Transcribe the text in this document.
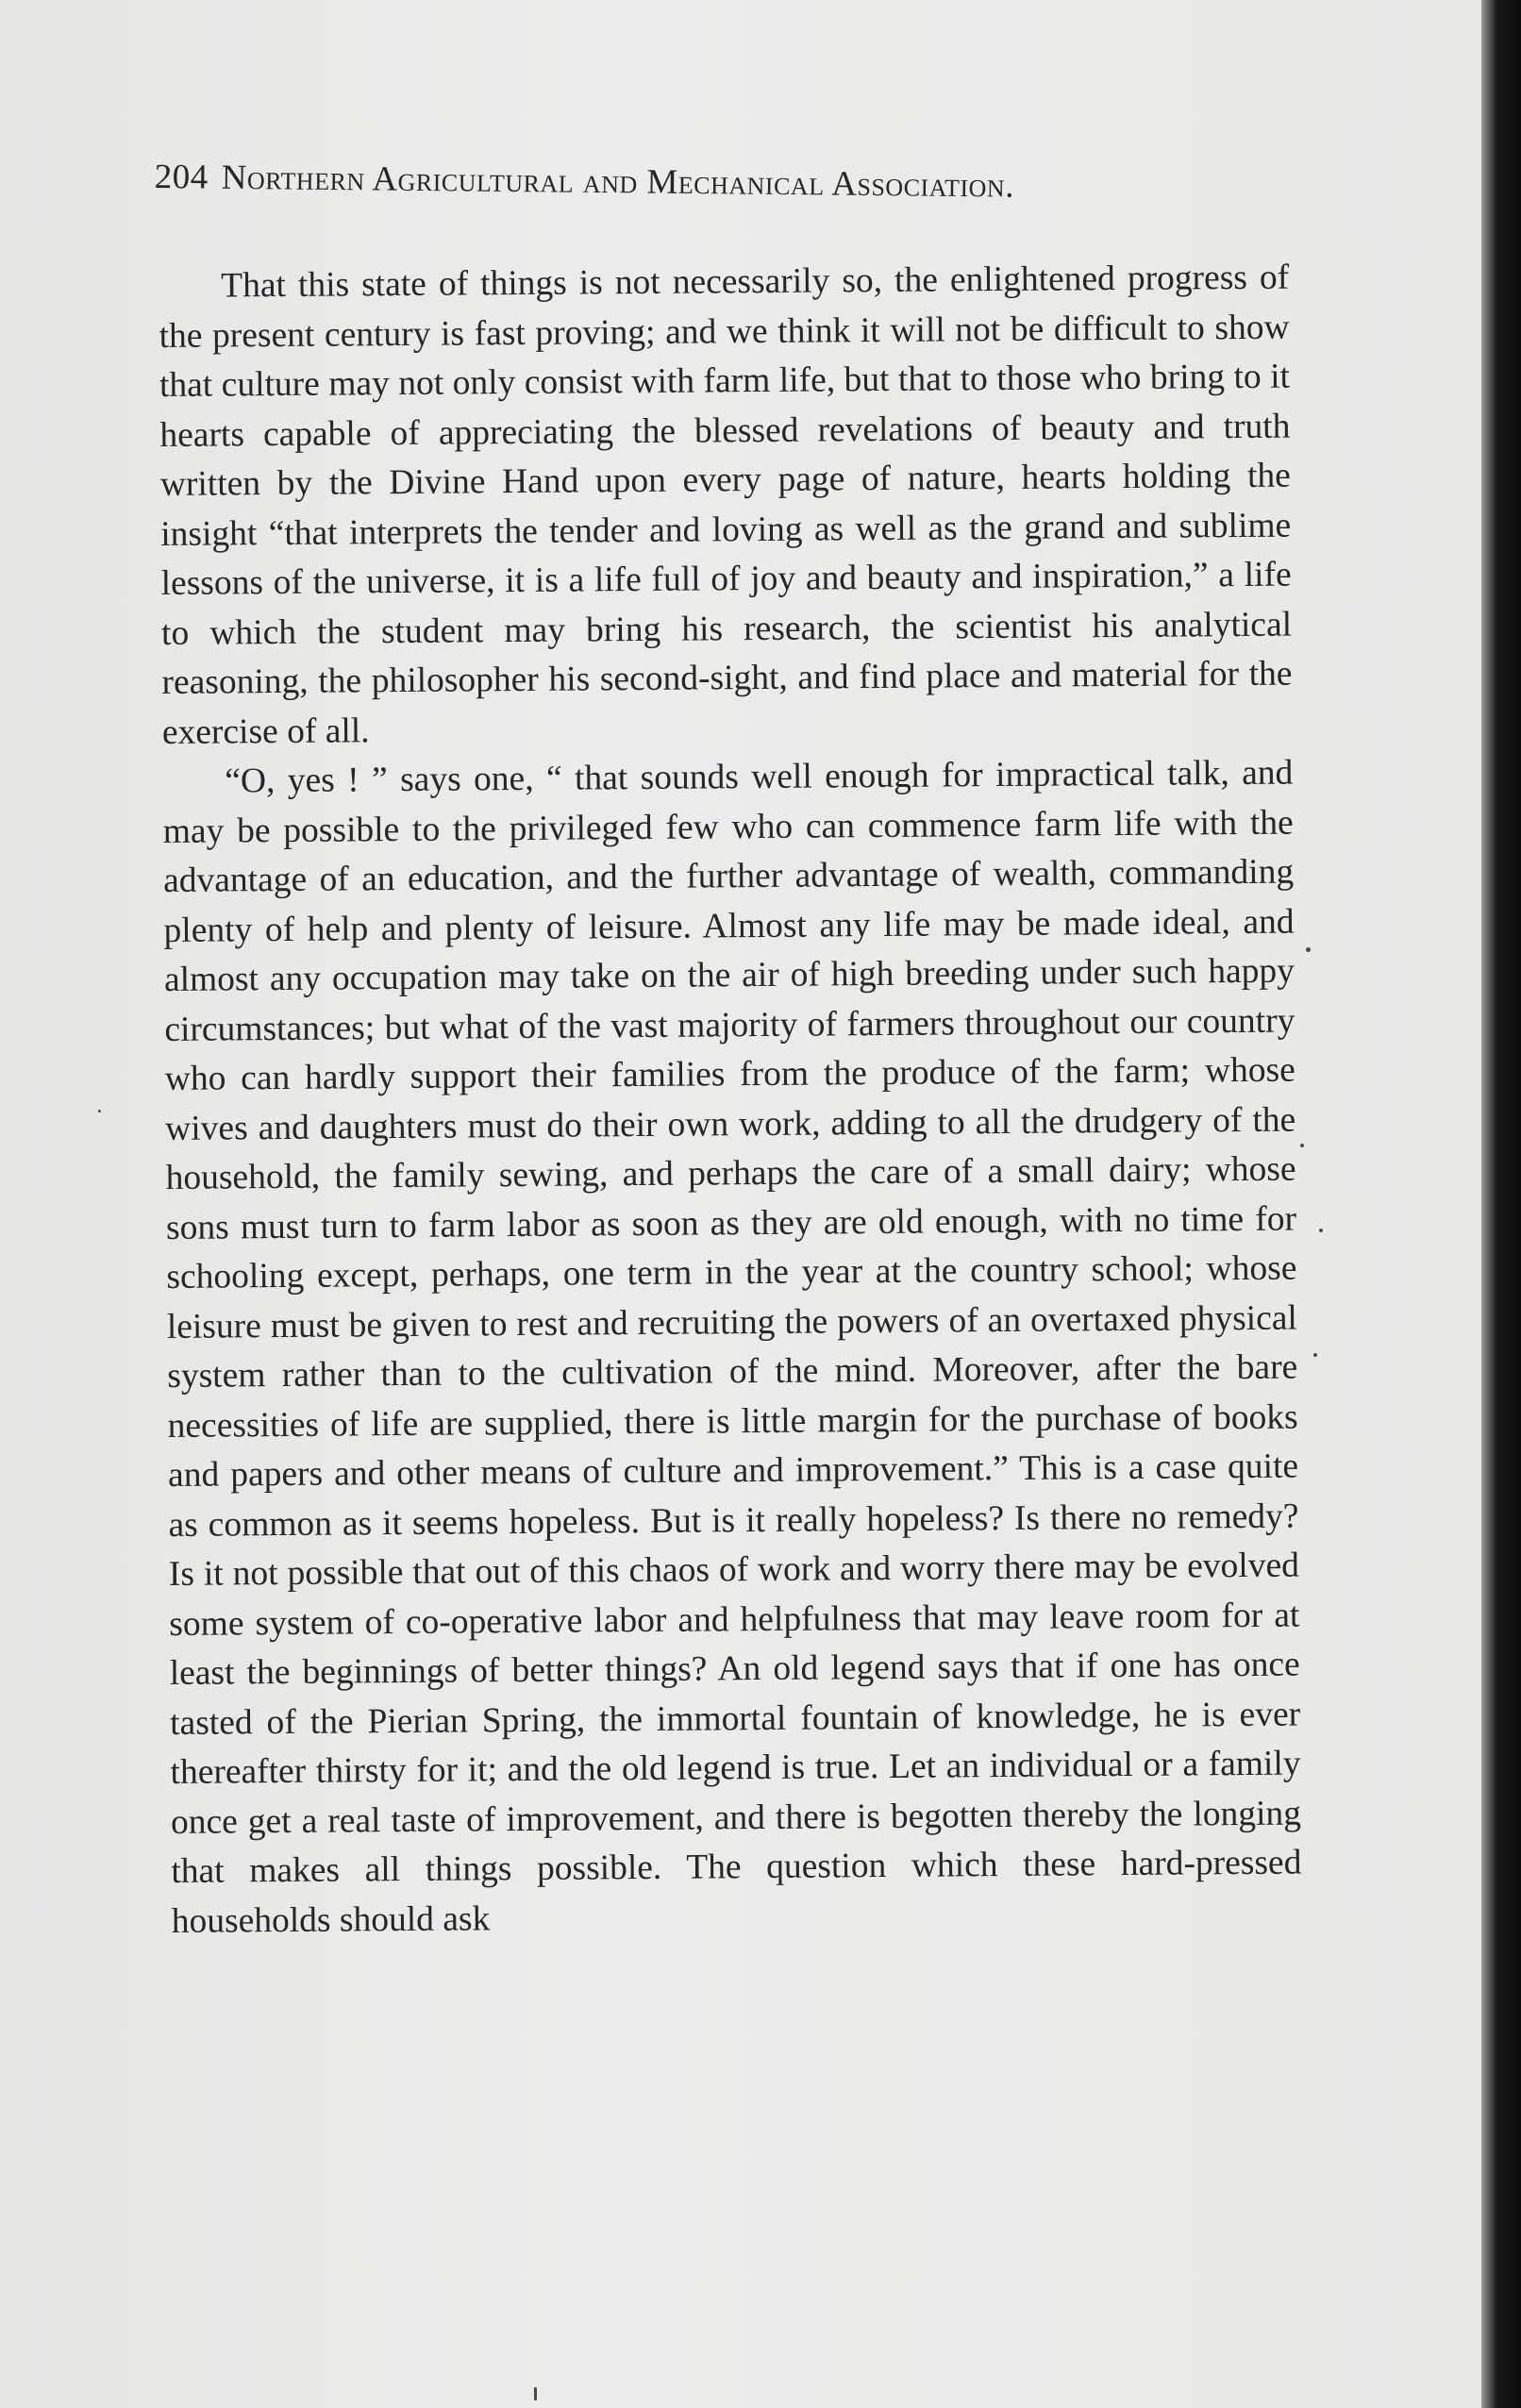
204 Northern Agricultural and Mechanical Association.

That this state of things is not necessarily so, the enlightened progress of the present century is fast proving; and we think it will not be difficult to show that culture may not only consist with farm life, but that to those who bring to it hearts capable of appreciating the blessed revelations of beauty and truth written by the Divine Hand upon every page of nature, hearts holding the insight “that interprets the tender and loving as well as the grand and sublime lessons of the universe, it is a life full of joy and beauty and inspiration,” a life to which the student may bring his research, the scientist his analytical reasoning, the philosopher his second-sight, and find place and material for the exercise of all.

“O, yes ! ” says one, “ that sounds well enough for impractical talk, and may be possible to the privileged few who can commence farm life with the advantage of an education, and the further advantage of wealth, commanding plenty of help and plenty of leisure. Almost any life may be made ideal, and almost any occupation may take on the air of high breeding under such happy circumstances; but what of the vast majority of farmers throughout our country who can hardly support their families from the produce of the farm; whose wives and daughters must do their own work, adding to all the drudgery of the household, the family sewing, and perhaps the care of a small dairy; whose sons must turn to farm labor as soon as they are old enough, with no time for schooling except, perhaps, one term in the year at the country school; whose leisure must be given to rest and recruiting the powers of an overtaxed physical system rather than to the cultivation of the mind. Moreover, after the bare necessities of life are supplied, there is little margin for the purchase of books and papers and other means of culture and improvement.” This is a case quite as common as it seems hopeless. But is it really hopeless? Is there no remedy? Is it not possible that out of this chaos of work and worry there may be evolved some system of co-operative labor and helpfulness that may leave room for at least the beginnings of better things? An old legend says that if one has once tasted of the Pierian Spring, the immortal fountain of knowledge, he is ever thereafter thirsty for it; and the old legend is true. Let an individual or a family once get a real taste of improvement, and there is begotten thereby the longing that makes all things possible. The question which these hard-pressed households should ask
